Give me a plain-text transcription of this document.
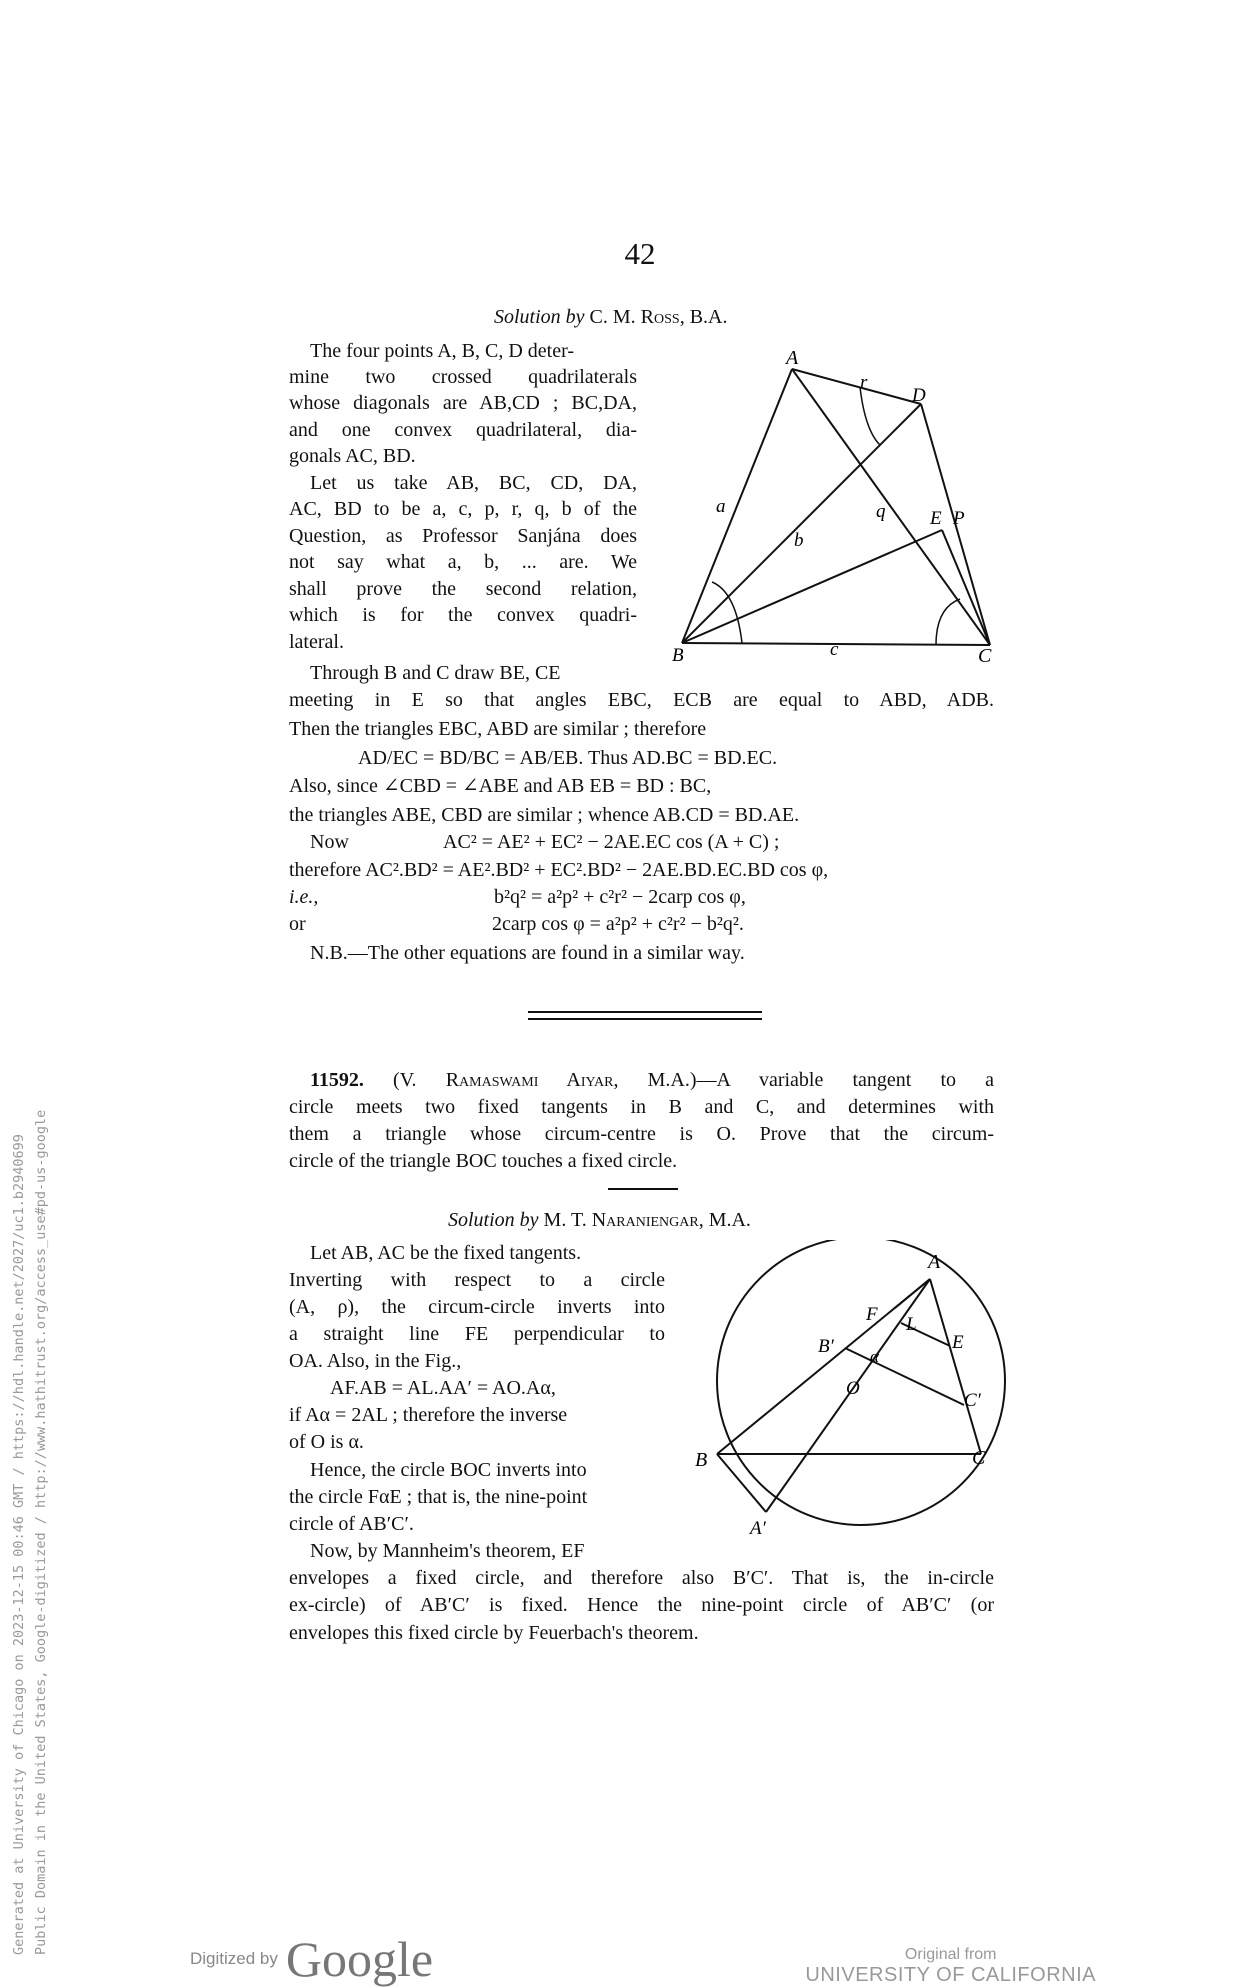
42
Solution by C. M. Ross, B.A.
The four points A, B, C, D deter-
mine two crossed quadrilaterals
whose diagonals are AB,CD ; BC,DA,
and one convex quadrilateral, dia-
gonals AC, BD.
Let us take AB, BC, CD, DA,
AC, BD to be a, c, p, r, q, b of the
Question, as Professor Sanjána does
not say what a, b, ... are. We
shall prove the second relation,
which is for the convex quadri-
lateral.
Through B and C draw BE, CE
A
r
D
a
b
q E P
B	c	C
meeting in E so that angles EBC, ECB are equal to ABD, ADB.
Then the triangles EBC, ABD are similar ; therefore
AD/EC = BD/BC = AB/EB. Thus AD.BC = BD.EC.
Also, since ∠CBD = ∠ABE and AB EB = BD : BC,
the triangles ABE, CBD are similar ; whence AB.CD = BD.AE.
Now	AC² = AE² + EC² − 2AE.EC cos (A + C) ;
therefore AC².BD² = AE².BD² + EC².BD² − 2AE.BD.EC.BD cos φ,
i.e.,	b²q² = a²p² + c²r² − 2carp cos φ,
or	2carp cos φ = a²p² + c²r² − b²q².
N.B.—The other equations are found in a similar way.
11592. (V. Ramaswami Aiyar, M.A.)—A variable tangent to a
circle meets two fixed tangents in B and C, and determines with
them a triangle whose circum-centre is O. Prove that the circum-
circle of the triangle BOC touches a fixed circle.
Solution by M. T. Naraniengar, M.A.
Let AB, AC be the fixed tangents.
Inverting with respect to a circle
(A, ρ), the circum-circle inverts into
a straight line FE perpendicular to
OA. Also, in the Fig.,
AF.AB = AL.AA′ = AO.Aα,
if Aα = 2AL ; therefore the inverse
of O is α.
Hence, the circle BOC inverts into
the circle FαE ; that is, the nine-point
circle of AB′C′.
Now, by Mannheim's theorem, EF
A
F L
E
B′ α
O
C′
B	C
A′
envelopes a fixed circle, and therefore also B′C′. That is, the in-circle
ex-circle) of AB′C′ is fixed. Hence the nine-point circle of AB′C′ (or
envelopes this fixed circle by Feuerbach's theorem.
Generated at University of Chicago on 2023-12-15 00:46 GMT / https://hdl.handle.net/2027/uc1.b2940699 Public Domain in the United States, Google-digitized / http://www.hathitrust.org/access_use#pd-us-google
Digitized by Google	Original from
UNIVERSITY OF CALIFORNIA
